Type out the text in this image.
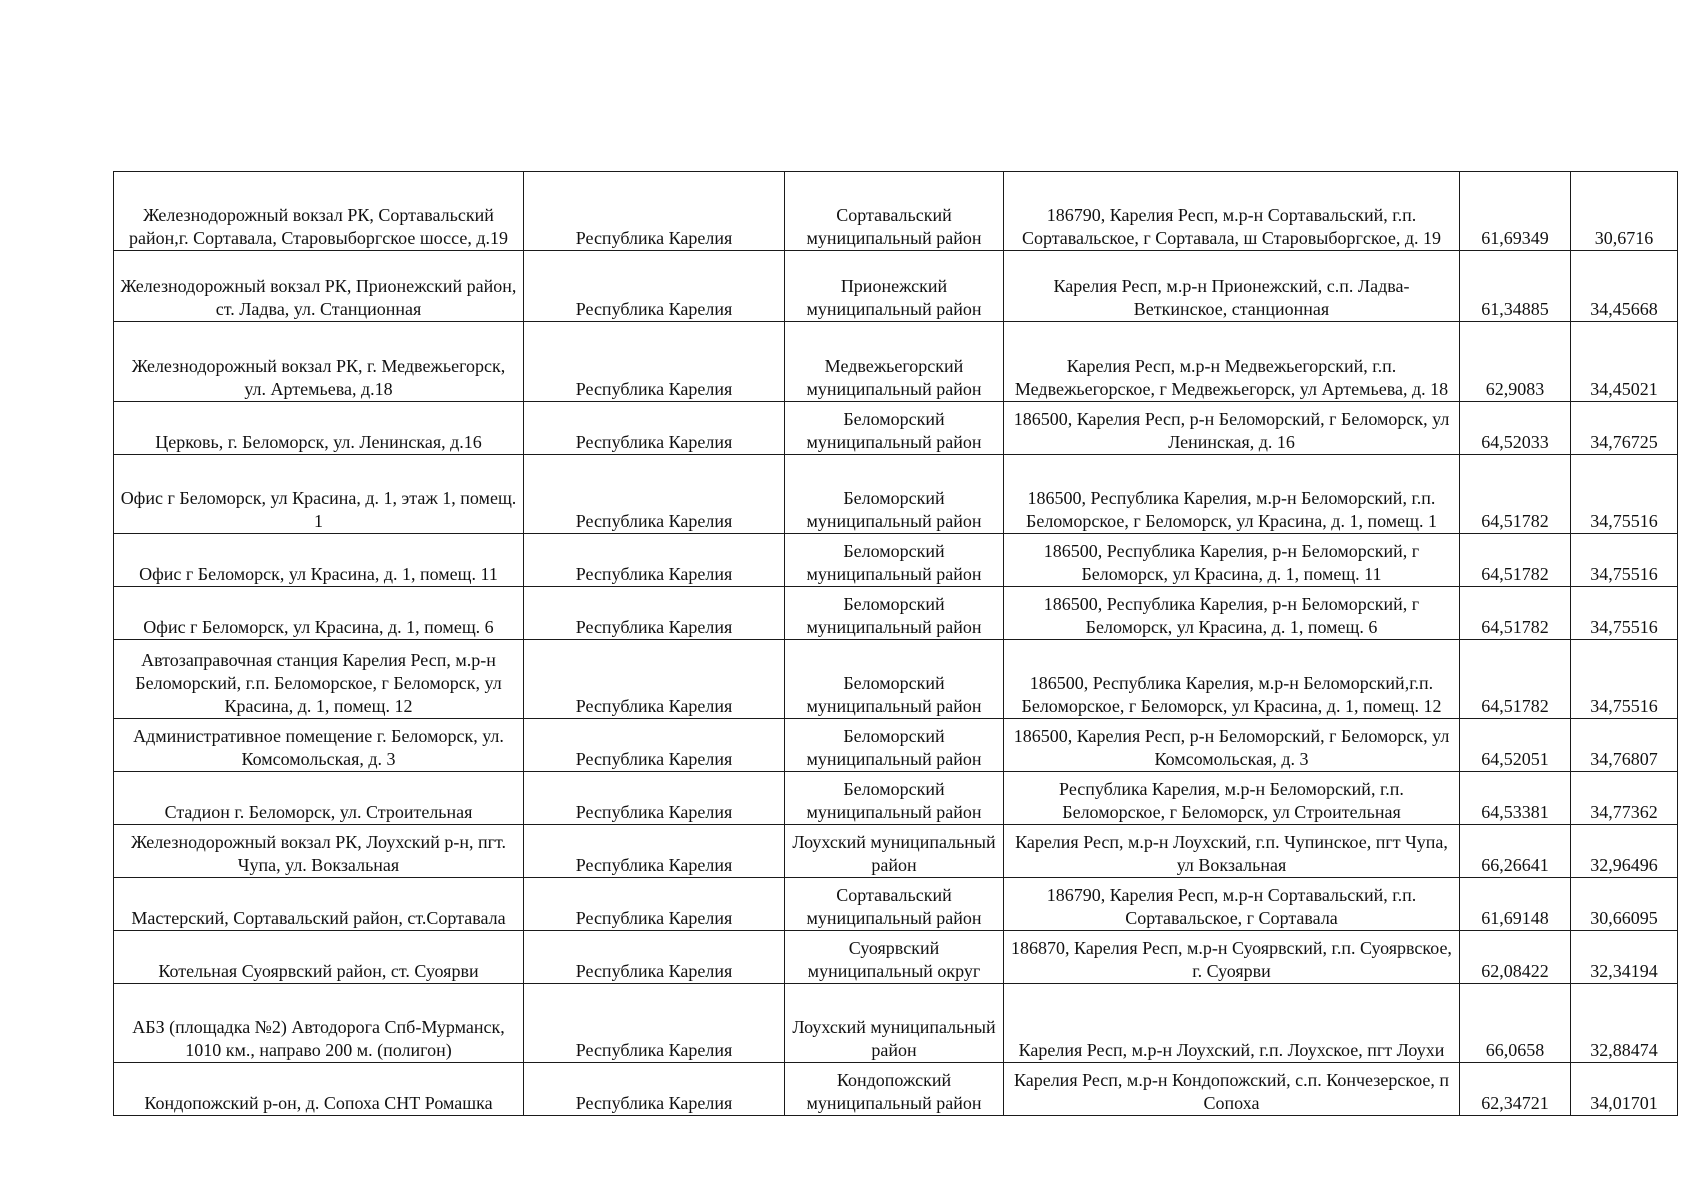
Железнодорожный вокзал РК, Сортавальский район,г. Сортавала, Старовыборгское шоссе, д.19	Республика Карелия	Сортавальский муниципальный район	186790, Карелия Респ, м.р-н Сортавальский, г.п. Сортавальское, г Сортавала, ш Старовыборгское, д. 19	61,69349	30,6716
Железнодорожный вокзал РК, Прионежский район, ст. Ладва, ул. Станционная	Республика Карелия	Прионежский муниципальный район	Карелия Респ, м.р-н Прионежский, с.п. Ладва-Веткинское, станционная	61,34885	34,45668
Железнодорожный вокзал РК, г. Медвежьегорск, ул. Артемьева, д.18	Республика Карелия	Медвежьегорский муниципальный район	Карелия Респ, м.р-н Медвежьегорский, г.п. Медвежьегорское, г Медвежьегорск, ул Артемьева, д. 18	62,9083	34,45021
Церковь, г. Беломорск, ул. Ленинская, д.16	Республика Карелия	Беломорский муниципальный район	186500, Карелия Респ, р-н Беломорский, г Беломорск, ул Ленинская, д. 16	64,52033	34,76725
Офис г Беломорск, ул Красина, д. 1, этаж 1, помещ. 1	Республика Карелия	Беломорский муниципальный район	186500, Республика Карелия, м.р-н Беломорский, г.п. Беломорское, г Беломорск, ул Красина, д. 1, помещ. 1	64,51782	34,75516
Офис г Беломорск, ул Красина, д. 1, помещ. 11	Республика Карелия	Беломорский муниципальный район	186500, Республика Карелия, р-н Беломорский, г Беломорск, ул Красина, д. 1, помещ. 11	64,51782	34,75516
Офис г Беломорск, ул Красина, д. 1, помещ. 6	Республика Карелия	Беломорский муниципальный район	186500, Республика Карелия, р-н Беломорский, г Беломорск, ул Красина, д. 1, помещ. 6	64,51782	34,75516
Автозаправочная станция Карелия Респ, м.р-н Беломорский, г.п. Беломорское, г Беломорск, ул Красина, д. 1, помещ. 12	Республика Карелия	Беломорский муниципальный район	186500, Республика Карелия, м.р-н Беломорский,г.п. Беломорское, г Беломорск, ул Красина, д. 1, помещ. 12	64,51782	34,75516
Административное помещение г. Беломорск, ул. Комсомольская, д. 3	Республика Карелия	Беломорский муниципальный район	186500, Карелия Респ, р-н Беломорский, г Беломорск, ул Комсомольская, д. 3	64,52051	34,76807
Стадион г. Беломорск, ул. Строительная	Республика Карелия	Беломорский муниципальный район	Республика Карелия, м.р-н Беломорский, г.п. Беломорское, г Беломорск, ул Строительная	64,53381	34,77362
Железнодорожный вокзал РК, Лоухский р-н, пгт. Чупа, ул. Вокзальная	Республика Карелия	Лоухский муниципальный район	Карелия Респ, м.р-н Лоухский, г.п. Чупинское, пгт Чупа, ул Вокзальная	66,26641	32,96496
Мастерский, Сортавальский район, ст.Сортавала	Республика Карелия	Сортавальский муниципальный район	186790, Карелия Респ, м.р-н Сортавальский, г.п. Сортавальское, г Сортавала	61,69148	30,66095
Котельная Суоярвский район, ст. Суоярви	Республика Карелия	Суоярвский муниципальный округ	186870, Карелия Респ, м.р-н Суоярвский, г.п. Суоярвское, г. Суоярви	62,08422	32,34194
АБЗ (площадка №2) Автодорога Спб-Мурманск, 1010 км., направо 200 м. (полигон)	Республика Карелия	Лоухский муниципальный район	Карелия Респ, м.р-н Лоухский, г.п. Лоухское, пгт Лоухи	66,0658	32,88474
Кондопожский р-он, д. Сопоха СНТ Ромашка	Республика Карелия	Кондопожский муниципальный район	Карелия Респ, м.р-н Кондопожский, с.п. Кончезерское, п Сопоха	62,34721	34,01701
